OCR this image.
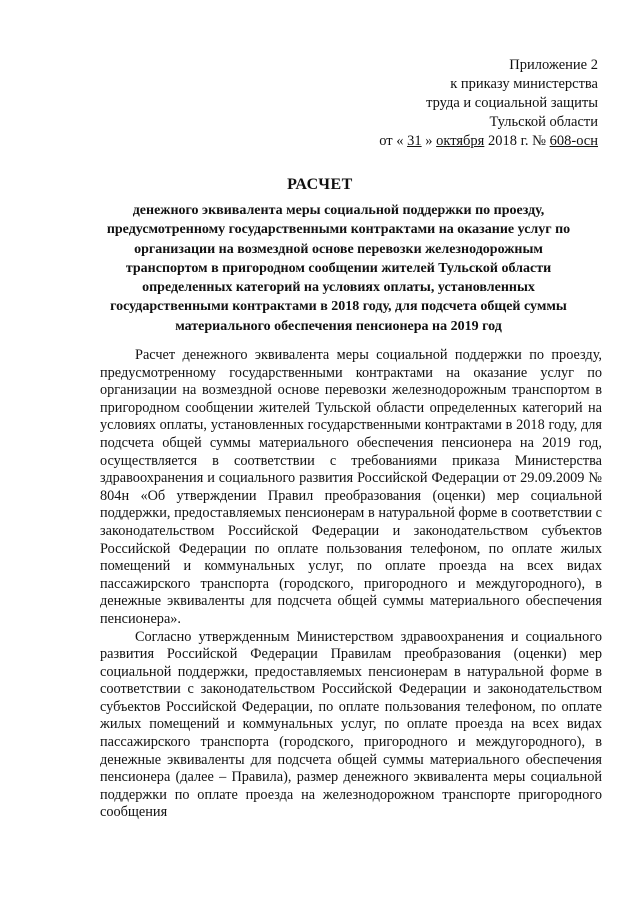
Приложение 2
к приказу министерства
труда и социальной защиты
Тульской области
от « 31 » октября 2018 г. № 608-осн
РАСЧЕТ
денежного эквивалента меры социальной поддержки по проезду, предусмотренному государственными контрактами на оказание услуг по организации на возмездной основе перевозки железнодорожным транспортом в пригородном сообщении жителей Тульской области определенных категорий на условиях оплаты, установленных государственными контрактами в 2018 году, для подсчета общей суммы материального обеспечения пенсионера на 2019 год

Расчет денежного эквивалента меры социальной поддержки по проезду, предусмотренному государственными контрактами на оказание услуг по организации на возмездной основе перевозки железнодорожным транспортом в пригородном сообщении жителей Тульской области определенных категорий на условиях оплаты, установленных государственными контрактами в 2018 году, для подсчета общей суммы материального обеспечения пенсионера на 2019 год, осуществляется в соответствии с требованиями приказа Министерства здравоохранения и социального развития Российской Федерации от 29.09.2009 № 804н «Об утверждении Правил преобразования (оценки) мер социальной поддержки, предоставляемых пенсионерам в натуральной форме в соответствии с законодательством Российской Федерации и законодательством субъектов Российской Федерации по оплате пользования телефоном, по оплате жилых помещений и коммунальных услуг, по оплате проезда на всех видах пассажирского транспорта (городского, пригородного и междугородного), в денежные эквиваленты для подсчета общей суммы материального обеспечения пенсионера».

Согласно утвержденным Министерством здравоохранения и социального развития Российской Федерации Правилам преобразования (оценки) мер социальной поддержки, предоставляемых пенсионерам в натуральной форме в соответствии с законодательством Российской Федерации и законодательством субъектов Российской Федерации, по оплате пользования телефоном, по оплате жилых помещений и коммунальных услуг, по оплате проезда на всех видах пассажирского транспорта (городского, пригородного и междугородного), в денежные эквиваленты для подсчета общей суммы материального обеспечения пенсионера (далее – Правила), размер денежного эквивалента меры социальной поддержки по оплате проезда на железнодорожном транспорте пригородного сообщения
